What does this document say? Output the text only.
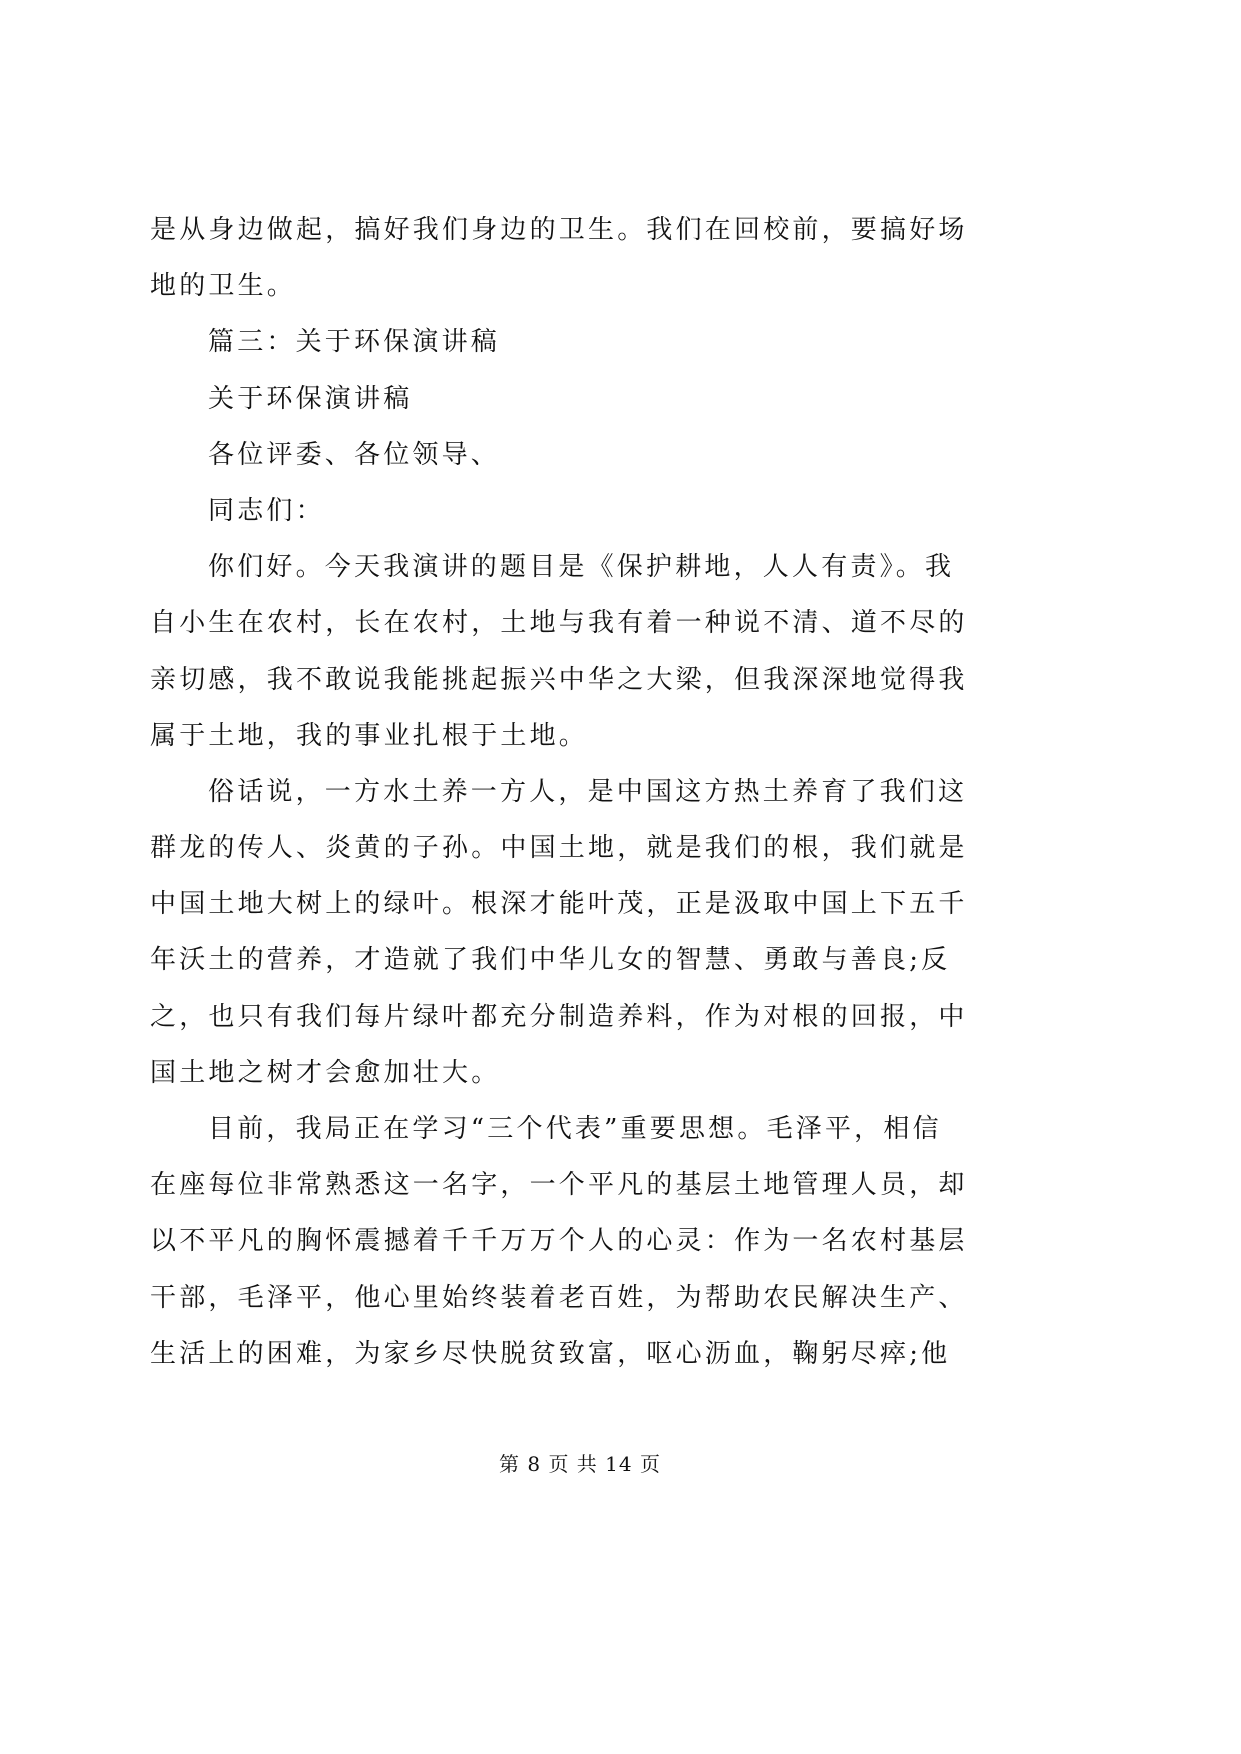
是从身边做起，搞好我们身边的卫生。我们在回校前，要搞好场
地的卫生。
篇三：关于环保演讲稿
关于环保演讲稿
各位评委、各位领导、
同志们：
你们好。今天我演讲的题目是《保护耕地，人人有责》。我
自小生在农村，长在农村，土地与我有着一种说不清、道不尽的
亲切感，我不敢说我能挑起振兴中华之大梁，但我深深地觉得我
属于土地，我的事业扎根于土地。
俗话说，一方水土养一方人，是中国这方热土养育了我们这
群龙的传人、炎黄的子孙。中国土地，就是我们的根，我们就是
中国土地大树上的绿叶。根深才能叶茂，正是汲取中国上下五千
年沃土的营养，才造就了我们中华儿女的智慧、勇敢与善良;反
之，也只有我们每片绿叶都充分制造养料，作为对根的回报，中
国土地之树才会愈加壮大。
目前，我局正在学习“三个代表”重要思想。毛泽平，相信
在座每位非常熟悉这一名字，一个平凡的基层土地管理人员，却
以不平凡的胸怀震撼着千千万万个人的心灵：作为一名农村基层
干部，毛泽平，他心里始终装着老百姓，为帮助农民解决生产、
生活上的困难，为家乡尽快脱贫致富，呕心沥血，鞠躬尽瘁;他
第 8 页 共 14 页
